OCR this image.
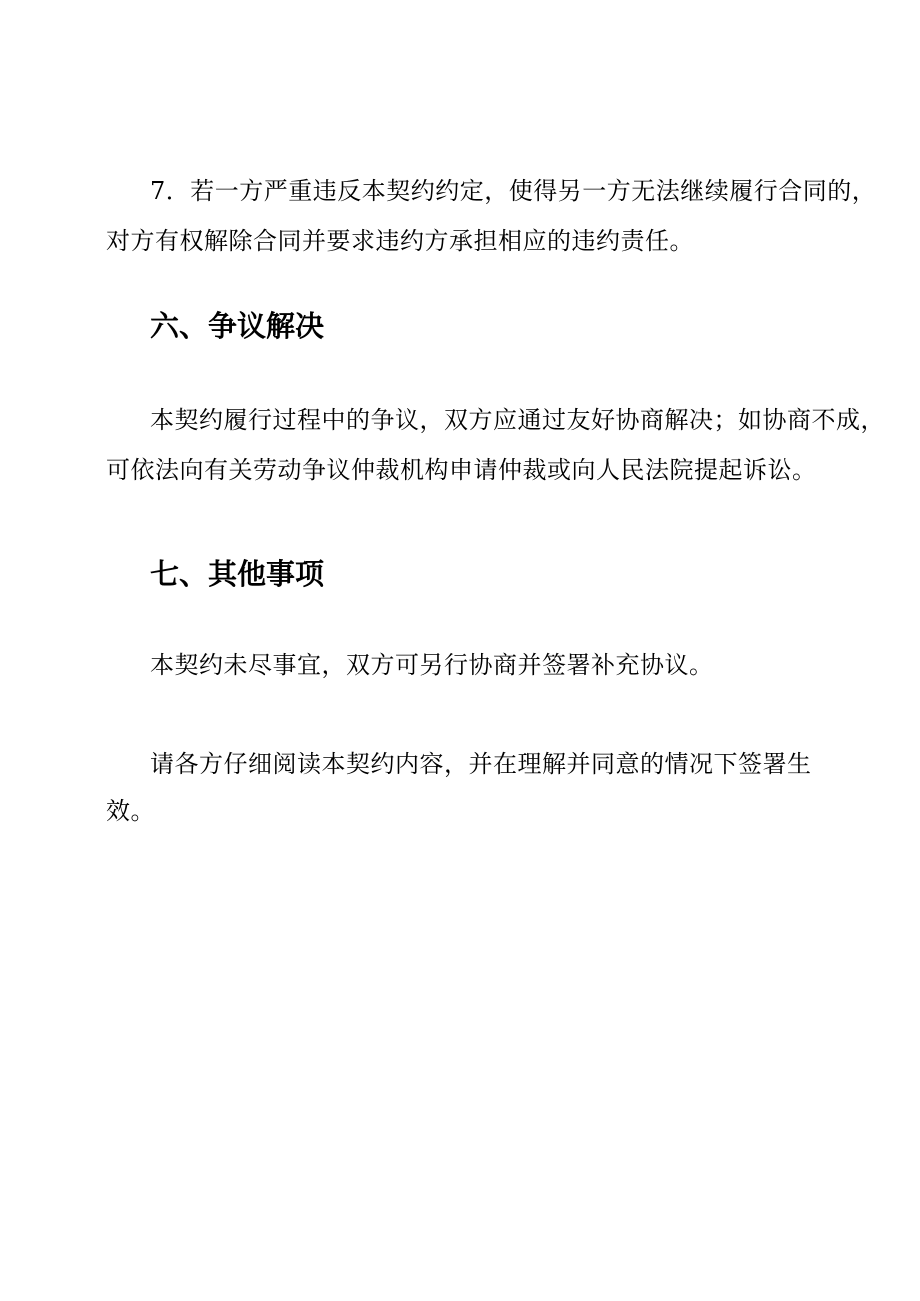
7．若一方严重违反本契约约定，使得另一方无法继续履行合同的，
对方有权解除合同并要求违约方承担相应的违约责任。
六、争议解决
本契约履行过程中的争议，双方应通过友好协商解决；如协商不成，
可依法向有关劳动争议仲裁机构申请仲裁或向人民法院提起诉讼。
七、其他事项
本契约未尽事宜，双方可另行协商并签署补充协议。
请各方仔细阅读本契约内容，并在理解并同意的情况下签署生
效。
